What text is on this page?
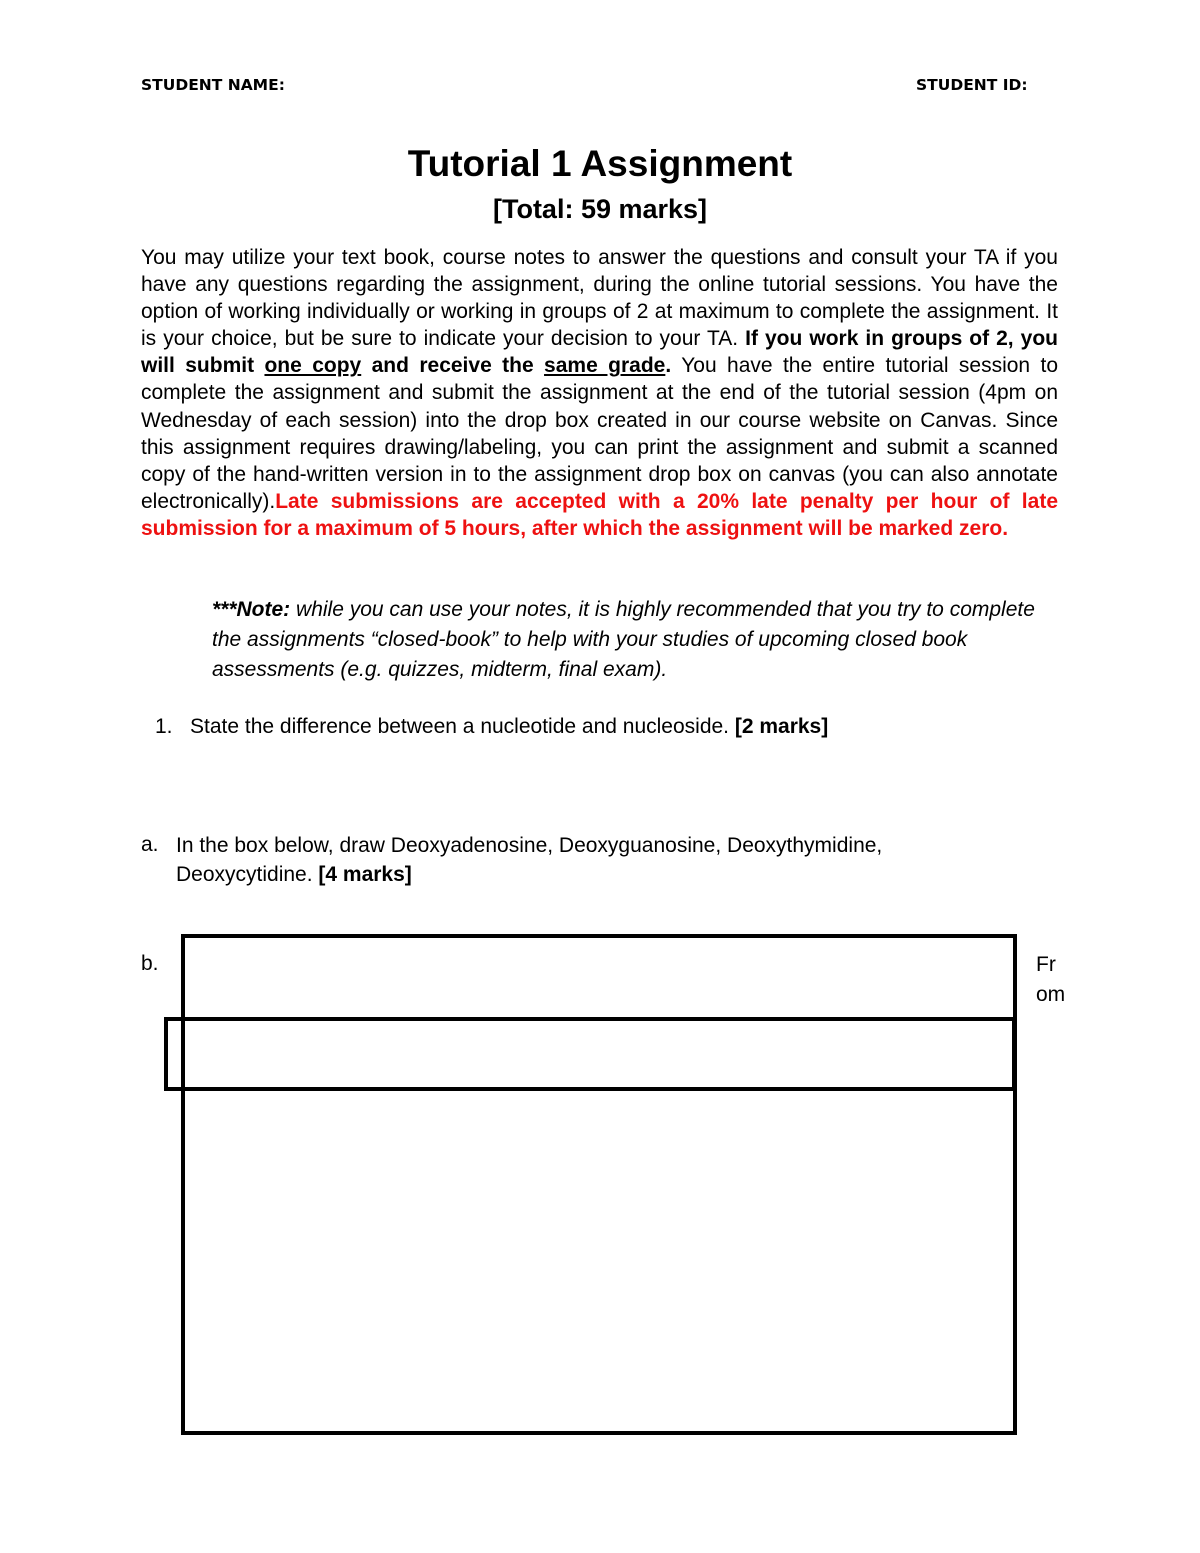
STUDENT NAME:	STUDENT ID:
Tutorial 1 Assignment
[Total: 59 marks]

You may utilize your text book, course notes to answer the questions and consult your TA if you have any questions regarding the assignment, during the online tutorial sessions. You have the option of working individually or working in groups of 2 at maximum to complete the assignment. It is your choice, but be sure to indicate your decision to your TA. If you work in groups of 2, you will submit one copy and receive the same grade. You have the entire tutorial session to complete the assignment and submit the assignment at the end of the tutorial session (4pm on Wednesday of each session) into the drop box created in our course website on Canvas. Since this assignment requires drawing/labeling, you can print the assignment and submit a scanned copy of the hand-written version in to the assignment drop box on canvas (you can also annotate electronically).Late submissions are accepted with a 20% late penalty per hour of late submission for a maximum of 5 hours, after which the assignment will be marked zero.

***Note: while you can use your notes, it is highly recommended that you try to complete the assignments “closed-book” to help with your studies of upcoming closed book assessments (e.g. quizzes, midterm, final exam).

1. State the difference between a nucleotide and nucleoside. [2 marks]
a. In the box below, draw Deoxyadenosine, Deoxyguanosine, Deoxythymidine, Deoxycytidine. [4 marks]
b.	From
